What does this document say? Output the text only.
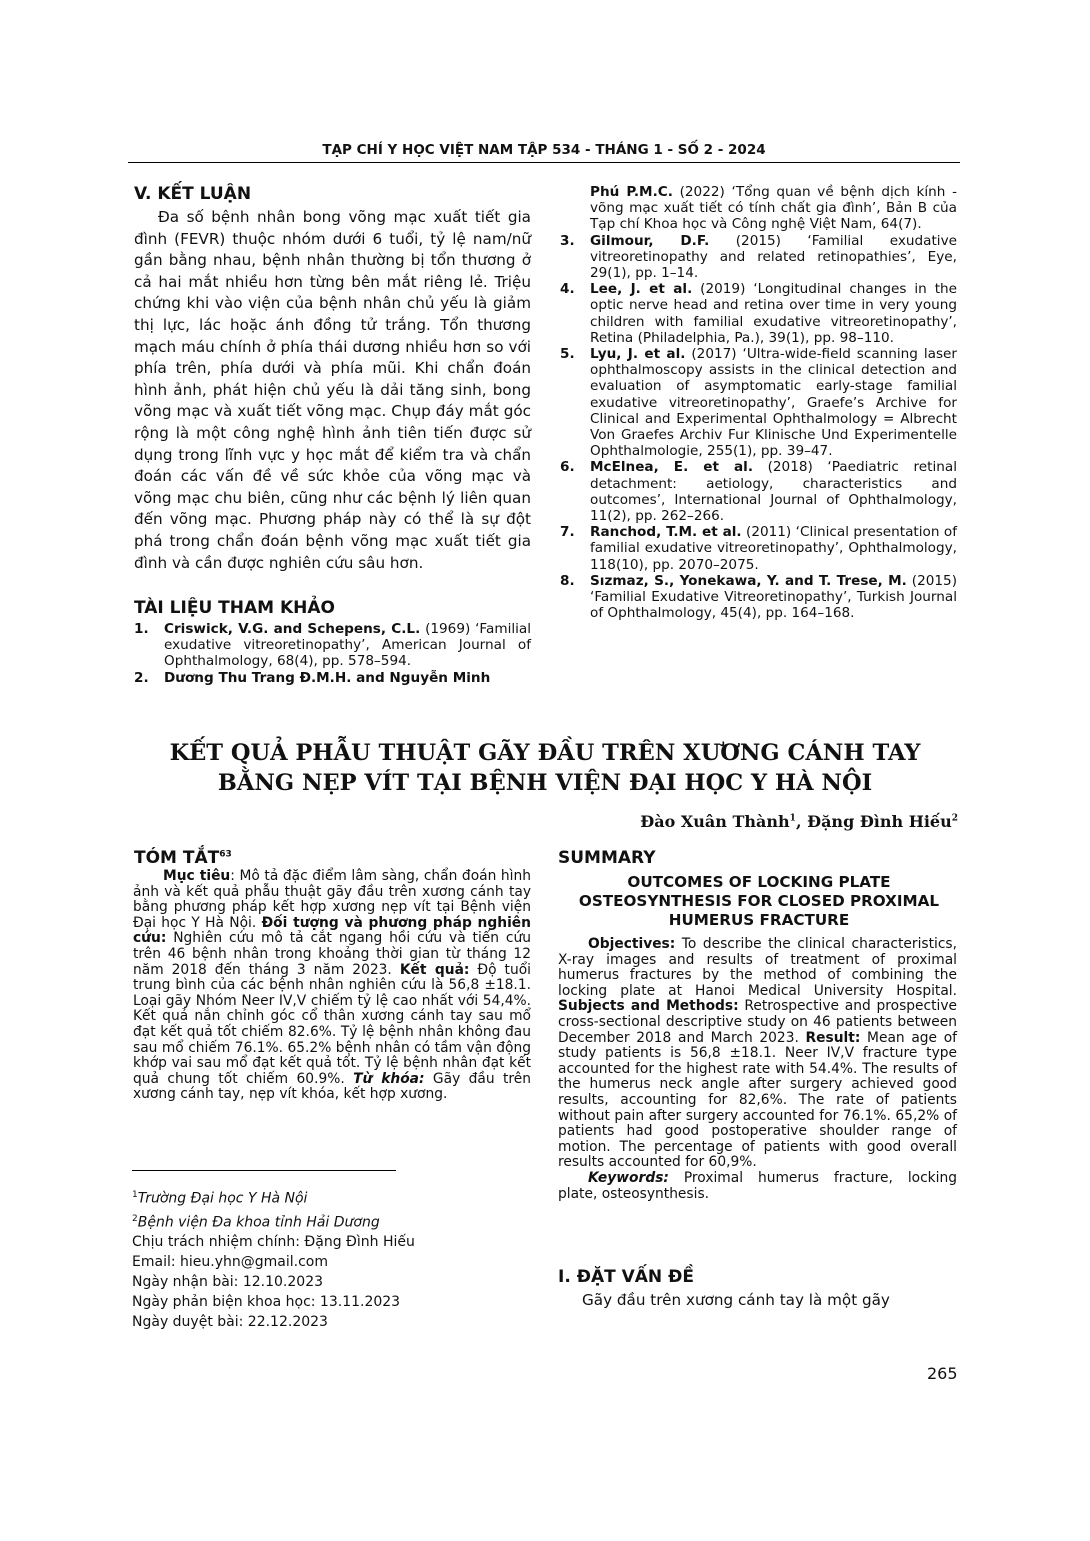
TẠP CHÍ Y HỌC VIỆT NAM TẬP 534 - THÁNG 1 - SỐ 2 - 2024
V. KẾT LUẬN

Đa số bệnh nhân bong võng mạc xuất tiết gia đình (FEVR) thuộc nhóm dưới 6 tuổi, tỷ lệ nam/nữ gần bằng nhau, bệnh nhân thường bị tổn thương ở cả hai mắt nhiều hơn từng bên mắt riêng lẻ. Triệu chứng khi vào viện của bệnh nhân chủ yếu là giảm thị lực, lác hoặc ánh đồng tử trắng. Tổn thương mạch máu chính ở phía thái dương nhiều hơn so với phía trên, phía dưới và phía mũi. Khi chẩn đoán hình ảnh, phát hiện chủ yếu là dải tăng sinh, bong võng mạc và xuất tiết võng mạc. Chụp đáy mắt góc rộng là một công nghệ hình ảnh tiên tiến được sử dụng trong lĩnh vực y học mắt để kiểm tra và chẩn đoán các vấn đề về sức khỏe của võng mạc và võng mạc chu biên, cũng như các bệnh lý liên quan đến võng mạc. Phương pháp này có thể là sự đột phá trong chẩn đoán bệnh võng mạc xuất tiết gia đình và cần được nghiên cứu sâu hơn.

TÀI LIỆU THAM KHẢO
1. Criswick, V.G. and Schepens, C.L. (1969) ‘Familial exudative vitreoretinopathy’, American Journal of Ophthalmology, 68(4), pp. 578–594.
2. Dương Thu Trang Đ.M.H. and Nguyễn Minh
Phú P.M.C. (2022) ‘Tổng quan về bệnh dịch kính - võng mạc xuất tiết có tính chất gia đình’, Bản B của Tạp chí Khoa học và Công nghệ Việt Nam, 64(7).
3. Gilmour, D.F. (2015) ‘Familial exudative vitreoretinopathy and related retinopathies’, Eye, 29(1), pp. 1–14.
4. Lee, J. et al. (2019) ‘Longitudinal changes in the optic nerve head and retina over time in very young children with familial exudative vitreoretinopathy’, Retina (Philadelphia, Pa.), 39(1), pp. 98–110.
5. Lyu, J. et al. (2017) ‘Ultra-wide-field scanning laser ophthalmoscopy assists in the clinical detection and evaluation of asymptomatic early-stage familial exudative vitreoretinopathy’, Graefe’s Archive for Clinical and Experimental Ophthalmology = Albrecht Von Graefes Archiv Fur Klinische Und Experimentelle Ophthalmologie, 255(1), pp. 39–47.
6. McElnea, E. et al. (2018) ‘Paediatric retinal detachment: aetiology, characteristics and outcomes’, International Journal of Ophthalmology, 11(2), pp. 262–266.
7. Ranchod, T.M. et al. (2011) ‘Clinical presentation of familial exudative vitreoretinopathy’, Ophthalmology, 118(10), pp. 2070–2075.
8. Sızmaz, S., Yonekawa, Y. and T. Trese, M. (2015) ‘Familial Exudative Vitreoretinopathy’, Turkish Journal of Ophthalmology, 45(4), pp. 164–168.
KẾT QUẢ PHẪU THUẬT GÃY ĐẦU TRÊN XƯƠNG CÁNH TAY
BẰNG NẸP VÍT TẠI BỆNH VIỆN ĐẠI HỌC Y HÀ NỘI
Đào Xuân Thành$^1$, Đặng Đình Hiếu$^2$
TÓM TẮT$^{63}$

Mục tiêu: Mô tả đặc điểm lâm sàng, chẩn đoán hình ảnh và kết quả phẫu thuật gãy đầu trên xương cánh tay bằng phương pháp kết hợp xương nẹp vít tại Bệnh viện Đại học Y Hà Nội. Đối tượng và phương pháp nghiên cứu: Nghiên cứu mô tả cắt ngang hồi cứu và tiến cứu trên 46 bệnh nhân trong khoảng thời gian từ tháng 12 năm 2018 đến tháng 3 năm 2023. Kết quả: Độ tuổi trung bình của các bệnh nhân nghiên cứu là 56,8 ±18.1. Loại gãy Nhóm Neer IV,V chiếm tỷ lệ cao nhất với 54,4%. Kết quả nắn chỉnh góc cổ thân xương cánh tay sau mổ đạt kết quả tốt chiếm 82.6%. Tỷ lệ bệnh nhân không đau sau mổ chiếm 76.1%. 65.2% bệnh nhân có tầm vận động khớp vai sau mổ đạt kết quả tốt. Tỷ lệ bệnh nhân đạt kết quả chung tốt chiếm 60.9%. Từ khóa: Gãy đầu trên xương cánh tay, nẹp vít khóa, kết hợp xương.

$^1$Trường Đại học Y Hà Nội
$^2$Bệnh viện Đa khoa tỉnh Hải Dương
Chịu trách nhiệm chính: Đặng Đình Hiếu
Email: hieu.yhn@gmail.com
Ngày nhận bài: 12.10.2023
Ngày phản biện khoa học: 13.11.2023
Ngày duyệt bài: 22.12.2023
SUMMARY
OUTCOMES OF LOCKING PLATE OSTEOSYNTHESIS FOR CLOSED PROXIMAL HUMERUS FRACTURE

Objectives: To describe the clinical characteristics, X-ray images and results of treatment of proximal humerus fractures by the method of combining the locking plate at Hanoi Medical University Hospital. Subjects and Methods: Retrospective and prospective cross-sectional descriptive study on 46 patients between December 2018 and March 2023. Result: Mean age of study patients is 56,8 ±18.1. Neer IV,V fracture type accounted for the highest rate with 54.4%. The results of the humerus neck angle after surgery achieved good results, accounting for 82,6%. The rate of patients without pain after surgery accounted for 76.1%. 65,2% of patients had good postoperative shoulder range of motion. The percentage of patients with good overall results accounted for 60,9%.

Keywords: Proximal humerus fracture, locking plate, osteosynthesis.

I. ĐẶT VẤN ĐỀ

Gãy đầu trên xương cánh tay là một gãy

265
